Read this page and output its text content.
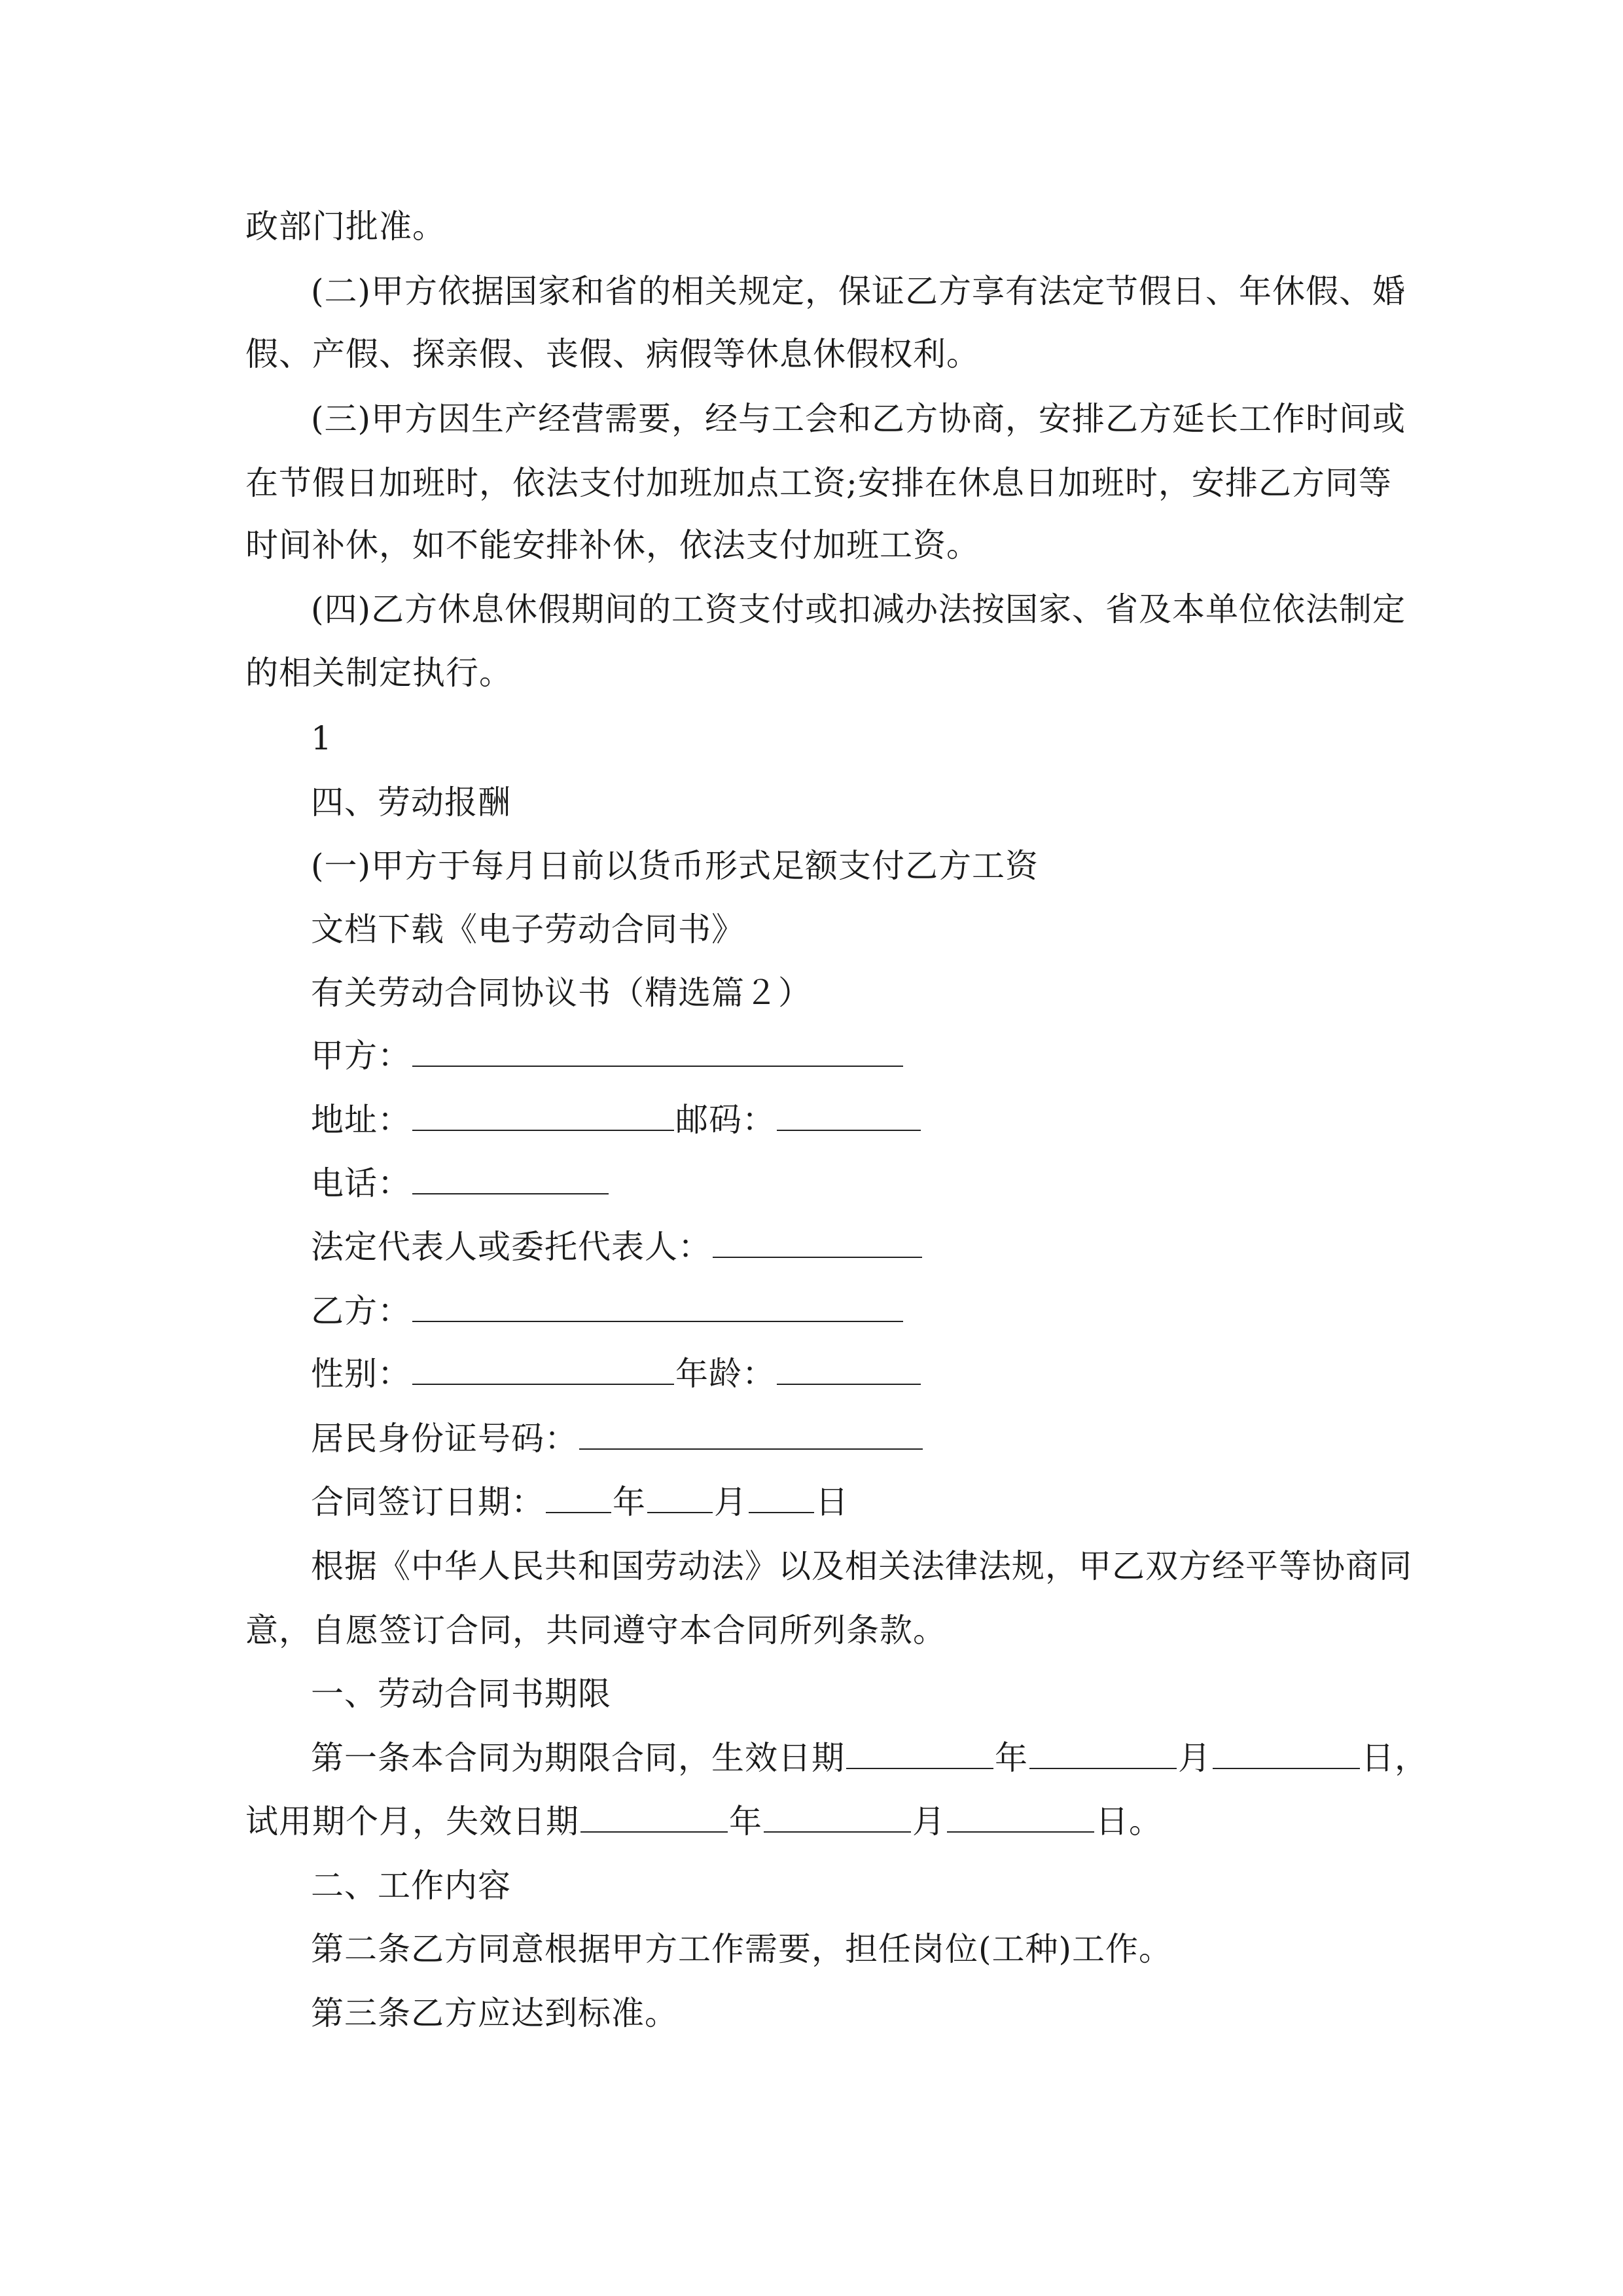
政部门批准。
(二)甲方依据国家和省的相关规定，保证乙方享有法定节假日、年休假、婚
假、产假、探亲假、丧假、病假等休息休假权利。
(三)甲方因生产经营需要，经与工会和乙方协商，安排乙方延长工作时间或
在节假日加班时，依法支付加班加点工资;安排在休息日加班时，安排乙方同等
时间补休，如不能安排补休，依法支付加班工资。
(四)乙方休息休假期间的工资支付或扣减办法按国家、省及本单位依法制定
的相关制定执行。
1
四、劳动报酬
(一)甲方于每月日前以货币形式足额支付乙方工资
文档下载《电子劳动合同书》
有关劳动合同协议书（精选篇２）
甲方：
地址：	邮码：
电话：
法定代表人或委托代表人：
乙方：
性别：	年龄：
居民身份证号码：
合同签订日期： 年 月 日
根据《中华人民共和国劳动法》以及相关法律法规，甲乙双方经平等协商同
意，自愿签订合同，共同遵守本合同所列条款。
一、劳动合同书期限
第一条本合同为期限合同，生效日期	年	月	日，
试用期个月，失效日期	年	月	日。
二、工作内容
第二条乙方同意根据甲方工作需要，担任岗位(工种)工作。
第三条乙方应达到标准。
